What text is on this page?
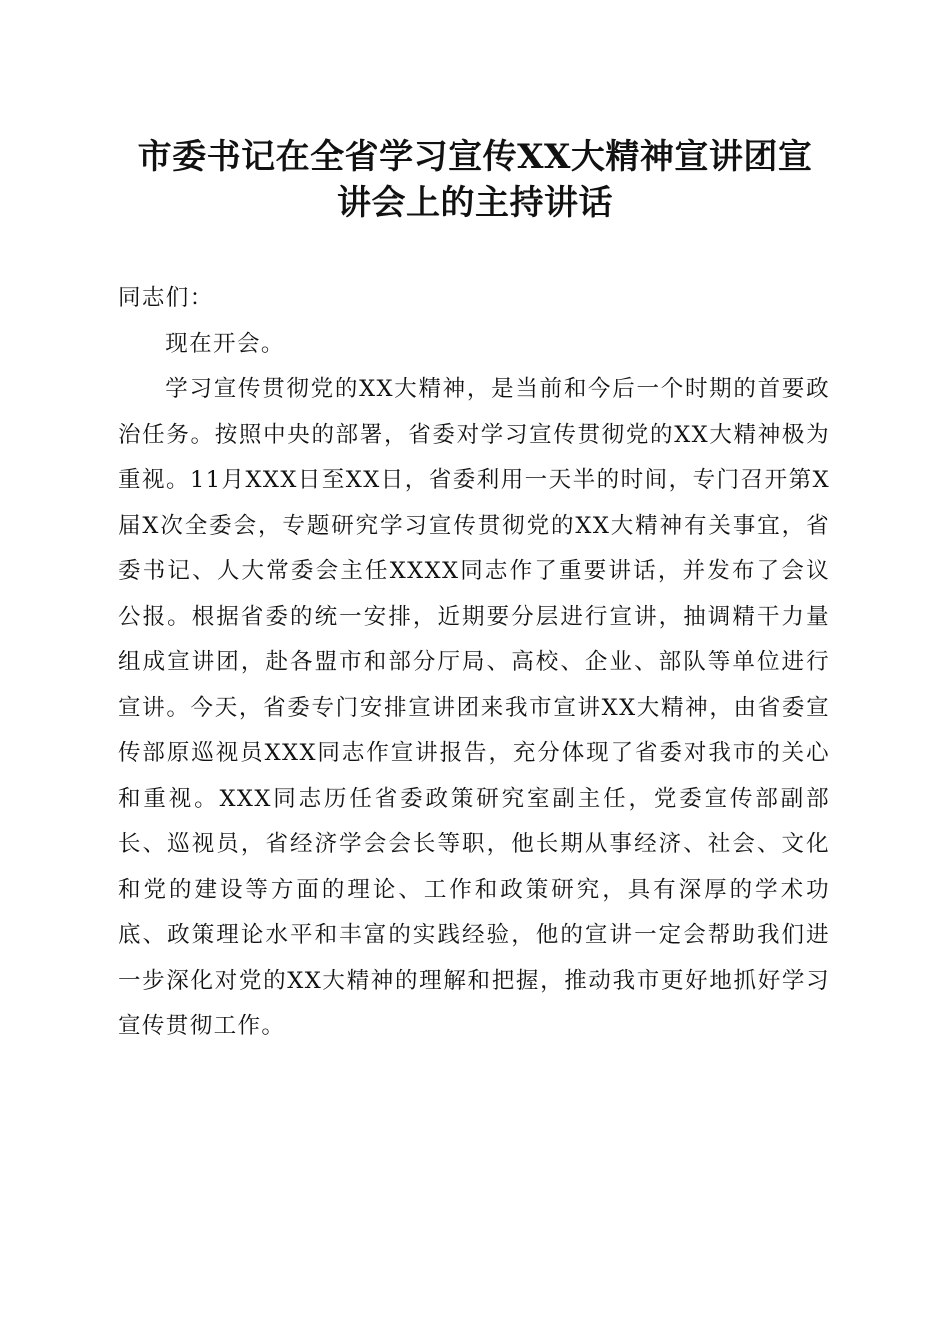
市委书记在全省学习宣传XX大精神宣讲团宣
讲会上的主持讲话

同志们：

现在开会。

学习宣传贯彻党的XX大精神，是当前和今后一个时期的首要政治任务。按照中央的部署，省委对学习宣传贯彻党的XX大精神极为重视。11月XXX日至XX日，省委利用一天半的时间，专门召开第X届X次全委会，专题研究学习宣传贯彻党的XX大精神有关事宜，省委书记、人大常委会主任XXXX同志作了重要讲话，并发布了会议公报。根据省委的统一安排，近期要分层进行宣讲，抽调精干力量组成宣讲团，赴各盟市和部分厅局、高校、企业、部队等单位进行宣讲。今天，省委专门安排宣讲团来我市宣讲XX大精神，由省委宣传部原巡视员XXX同志作宣讲报告，充分体现了省委对我市的关心和重视。XXX同志历任省委政策研究室副主任，党委宣传部副部长、巡视员，省经济学会会长等职，他长期从事经济、社会、文化和党的建设等方面的理论、工作和政策研究，具有深厚的学术功底、政策理论水平和丰富的实践经验，他的宣讲一定会帮助我们进一步深化对党的XX大精神的理解和把握，推动我市更好地抓好学习宣传贯彻工作。
